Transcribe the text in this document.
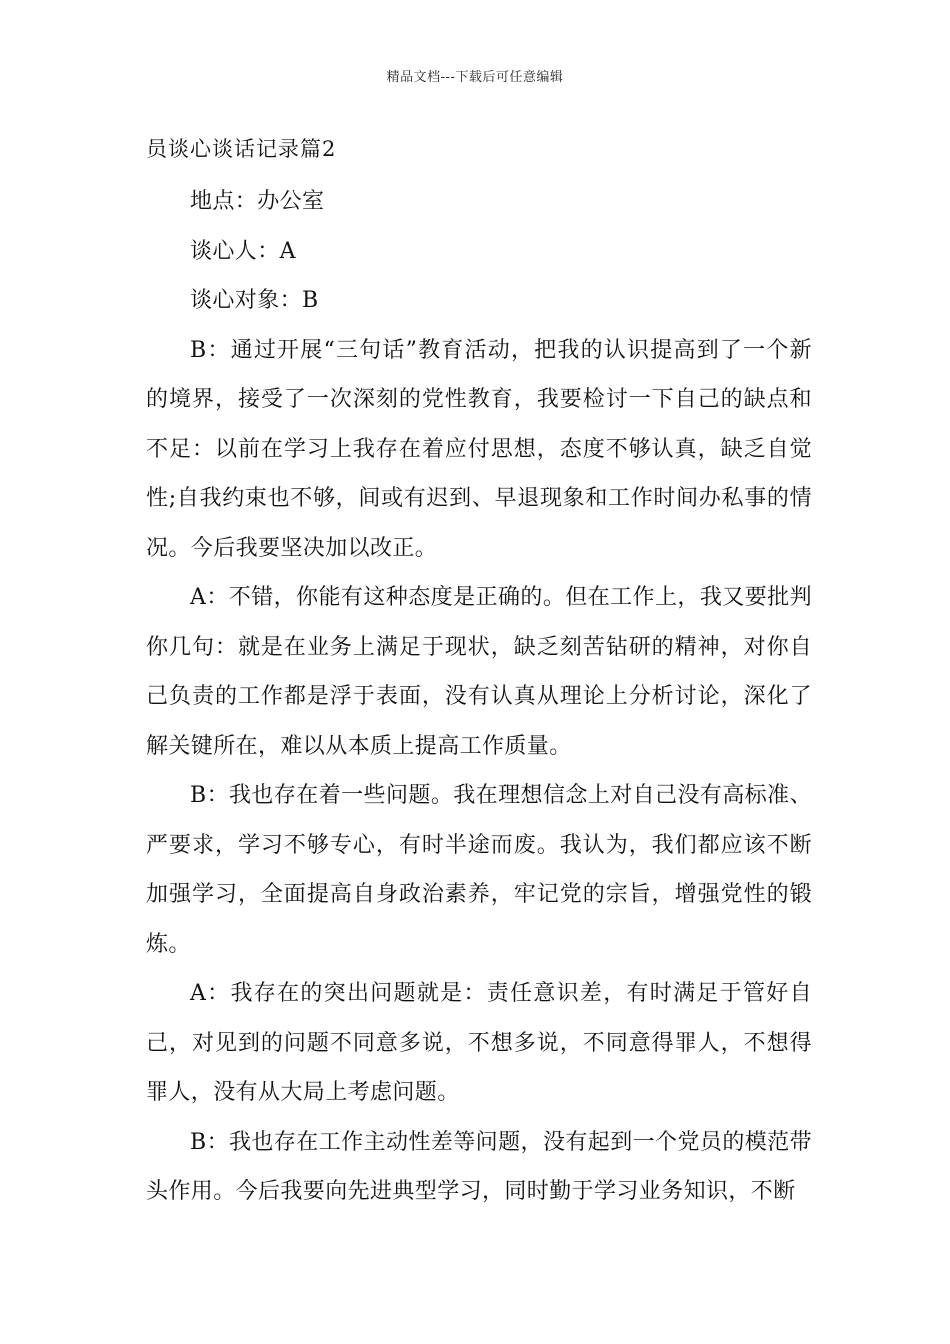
精品文档---下载后可任意编辑
员谈心谈话记录篇2

地点：办公室

谈心人：A

谈心对象：B

B：通过开展“三句话”教育活动，把我的认识提高到了一个新的境界，接受了一次深刻的党性教育，我要检讨一下自己的缺点和不足：以前在学习上我存在着应付思想，态度不够认真，缺乏自觉性;自我约束也不够，间或有迟到、早退现象和工作时间办私事的情况。今后我要坚决加以改正。

A：不错，你能有这种态度是正确的。但在工作上，我又要批判你几句：就是在业务上满足于现状，缺乏刻苦钻研的精神，对你自己负责的工作都是浮于表面，没有认真从理论上分析讨论，深化了解关键所在，难以从本质上提高工作质量。

B：我也存在着一些问题。我在理想信念上对自己没有高标准、严要求，学习不够专心，有时半途而废。我认为，我们都应该不断加强学习，全面提高自身政治素养，牢记党的宗旨，增强党性的锻炼。

A：我存在的突出问题就是：责任意识差，有时满足于管好自己，对见到的问题不同意多说，不想多说，不同意得罪人，不想得罪人，没有从大局上考虑问题。

B：我也存在工作主动性差等问题，没有起到一个党员的模范带头作用。今后我要向先进典型学习，同时勤于学习业务知识，不断
